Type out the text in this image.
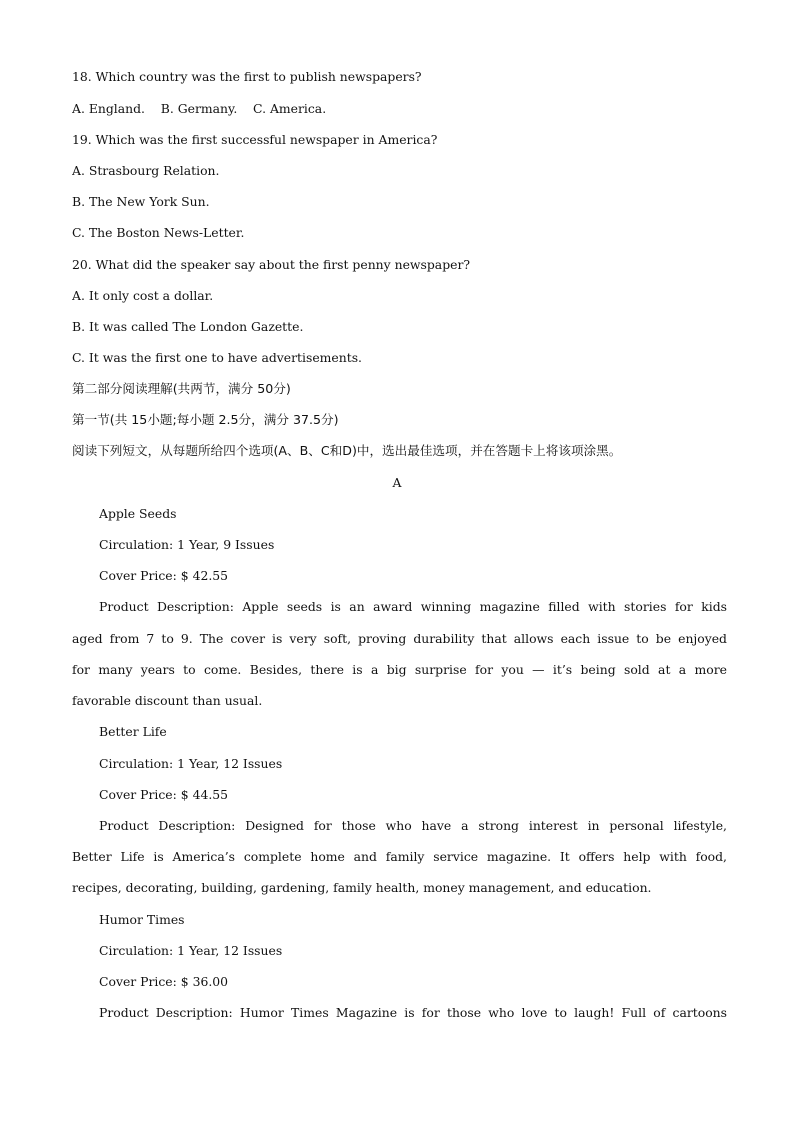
18. Which country was the first to publish newspapers?
A. England.    B. Germany.    C. America.
19. Which was the first successful newspaper in America?
A. Strasbourg Relation.
B. The New York Sun.
C. The Boston News-Letter.
20. What did the speaker say about the first penny newspaper?
A. It only cost a dollar.
B. It was called The London Gazette.
C. It was the first one to have advertisements.
第二部分阅读理解(共两节，满分 50分)
第一节(共 15小题;每小题 2.5分，满分 37.5分)
阅读下列短文，从每题所给四个选项(A、B、C和D)中，选出最佳选项，并在答题卡上将该项涂黑。
A
Apple Seeds
Circulation: 1 Year, 9 Issues
Cover Price: $ 42.55
Product Description: Apple seeds is an award winning magazine filled with stories for kids
aged from 7 to 9. The cover is very soft, proving durability that allows each issue to be enjoyed
for many years to come. Besides, there is a big surprise for you — it’s being sold at a more
favorable discount than usual.
Better Life
Circulation: 1 Year, 12 Issues
Cover Price: $ 44.55
Product Description: Designed for those who have a strong interest in personal lifestyle,
Better Life is America’s complete home and family service magazine. It offers help with food,
recipes, decorating, building, gardening, family health, money management, and education.
Humor Times
Circulation: 1 Year, 12 Issues
Cover Price: $ 36.00
Product Description: Humor Times Magazine is for those who love to laugh! Full of cartoons
